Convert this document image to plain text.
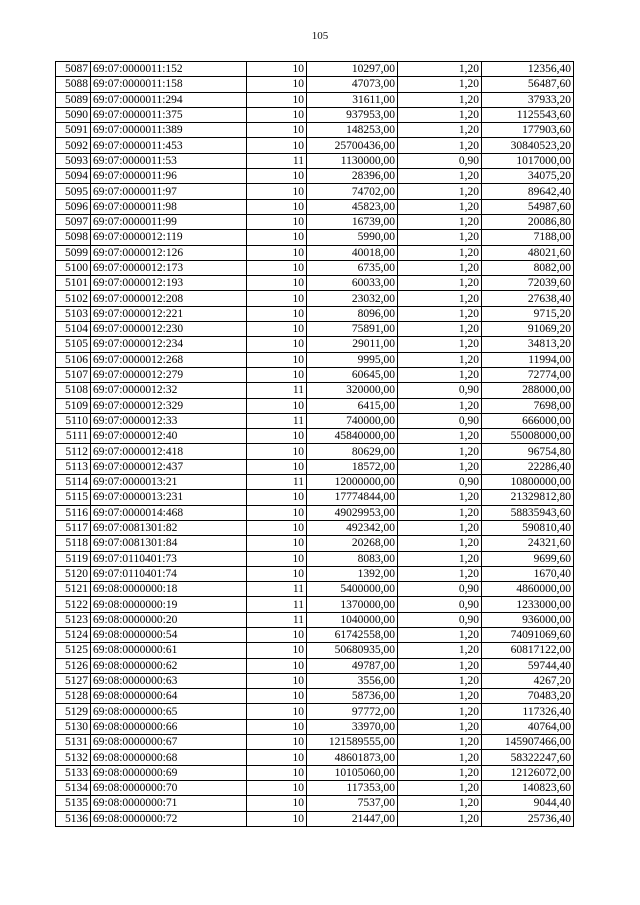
105
5087	69:07:0000011:152	10	10297,00	1,20	12356,40
5088	69:07:0000011:158	10	47073,00	1,20	56487,60
5089	69:07:0000011:294	10	31611,00	1,20	37933,20
5090	69:07:0000011:375	10	937953,00	1,20	1125543,60
5091	69:07:0000011:389	10	148253,00	1,20	177903,60
5092	69:07:0000011:453	10	25700436,00	1,20	30840523,20
5093	69:07:0000011:53	11	1130000,00	0,90	1017000,00
5094	69:07:0000011:96	10	28396,00	1,20	34075,20
5095	69:07:0000011:97	10	74702,00	1,20	89642,40
5096	69:07:0000011:98	10	45823,00	1,20	54987,60
5097	69:07:0000011:99	10	16739,00	1,20	20086,80
5098	69:07:0000012:119	10	5990,00	1,20	7188,00
5099	69:07:0000012:126	10	40018,00	1,20	48021,60
5100	69:07:0000012:173	10	6735,00	1,20	8082,00
5101	69:07:0000012:193	10	60033,00	1,20	72039,60
5102	69:07:0000012:208	10	23032,00	1,20	27638,40
5103	69:07:0000012:221	10	8096,00	1,20	9715,20
5104	69:07:0000012:230	10	75891,00	1,20	91069,20
5105	69:07:0000012:234	10	29011,00	1,20	34813,20
5106	69:07:0000012:268	10	9995,00	1,20	11994,00
5107	69:07:0000012:279	10	60645,00	1,20	72774,00
5108	69:07:0000012:32	11	320000,00	0,90	288000,00
5109	69:07:0000012:329	10	6415,00	1,20	7698,00
5110	69:07:0000012:33	11	740000,00	0,90	666000,00
5111	69:07:0000012:40	10	45840000,00	1,20	55008000,00
5112	69:07:0000012:418	10	80629,00	1,20	96754,80
5113	69:07:0000012:437	10	18572,00	1,20	22286,40
5114	69:07:0000013:21	11	12000000,00	0,90	10800000,00
5115	69:07:0000013:231	10	17774844,00	1,20	21329812,80
5116	69:07:0000014:468	10	49029953,00	1,20	58835943,60
5117	69:07:0081301:82	10	492342,00	1,20	590810,40
5118	69:07:0081301:84	10	20268,00	1,20	24321,60
5119	69:07:0110401:73	10	8083,00	1,20	9699,60
5120	69:07:0110401:74	10	1392,00	1,20	1670,40
5121	69:08:0000000:18	11	5400000,00	0,90	4860000,00
5122	69:08:0000000:19	11	1370000,00	0,90	1233000,00
5123	69:08:0000000:20	11	1040000,00	0,90	936000,00
5124	69:08:0000000:54	10	61742558,00	1,20	74091069,60
5125	69:08:0000000:61	10	50680935,00	1,20	60817122,00
5126	69:08:0000000:62	10	49787,00	1,20	59744,40
5127	69:08:0000000:63	10	3556,00	1,20	4267,20
5128	69:08:0000000:64	10	58736,00	1,20	70483,20
5129	69:08:0000000:65	10	97772,00	1,20	117326,40
5130	69:08:0000000:66	10	33970,00	1,20	40764,00
5131	69:08:0000000:67	10	121589555,00	1,20	145907466,00
5132	69:08:0000000:68	10	48601873,00	1,20	58322247,60
5133	69:08:0000000:69	10	10105060,00	1,20	12126072,00
5134	69:08:0000000:70	10	117353,00	1,20	140823,60
5135	69:08:0000000:71	10	7537,00	1,20	9044,40
5136	69:08:0000000:72	10	21447,00	1,20	25736,40
